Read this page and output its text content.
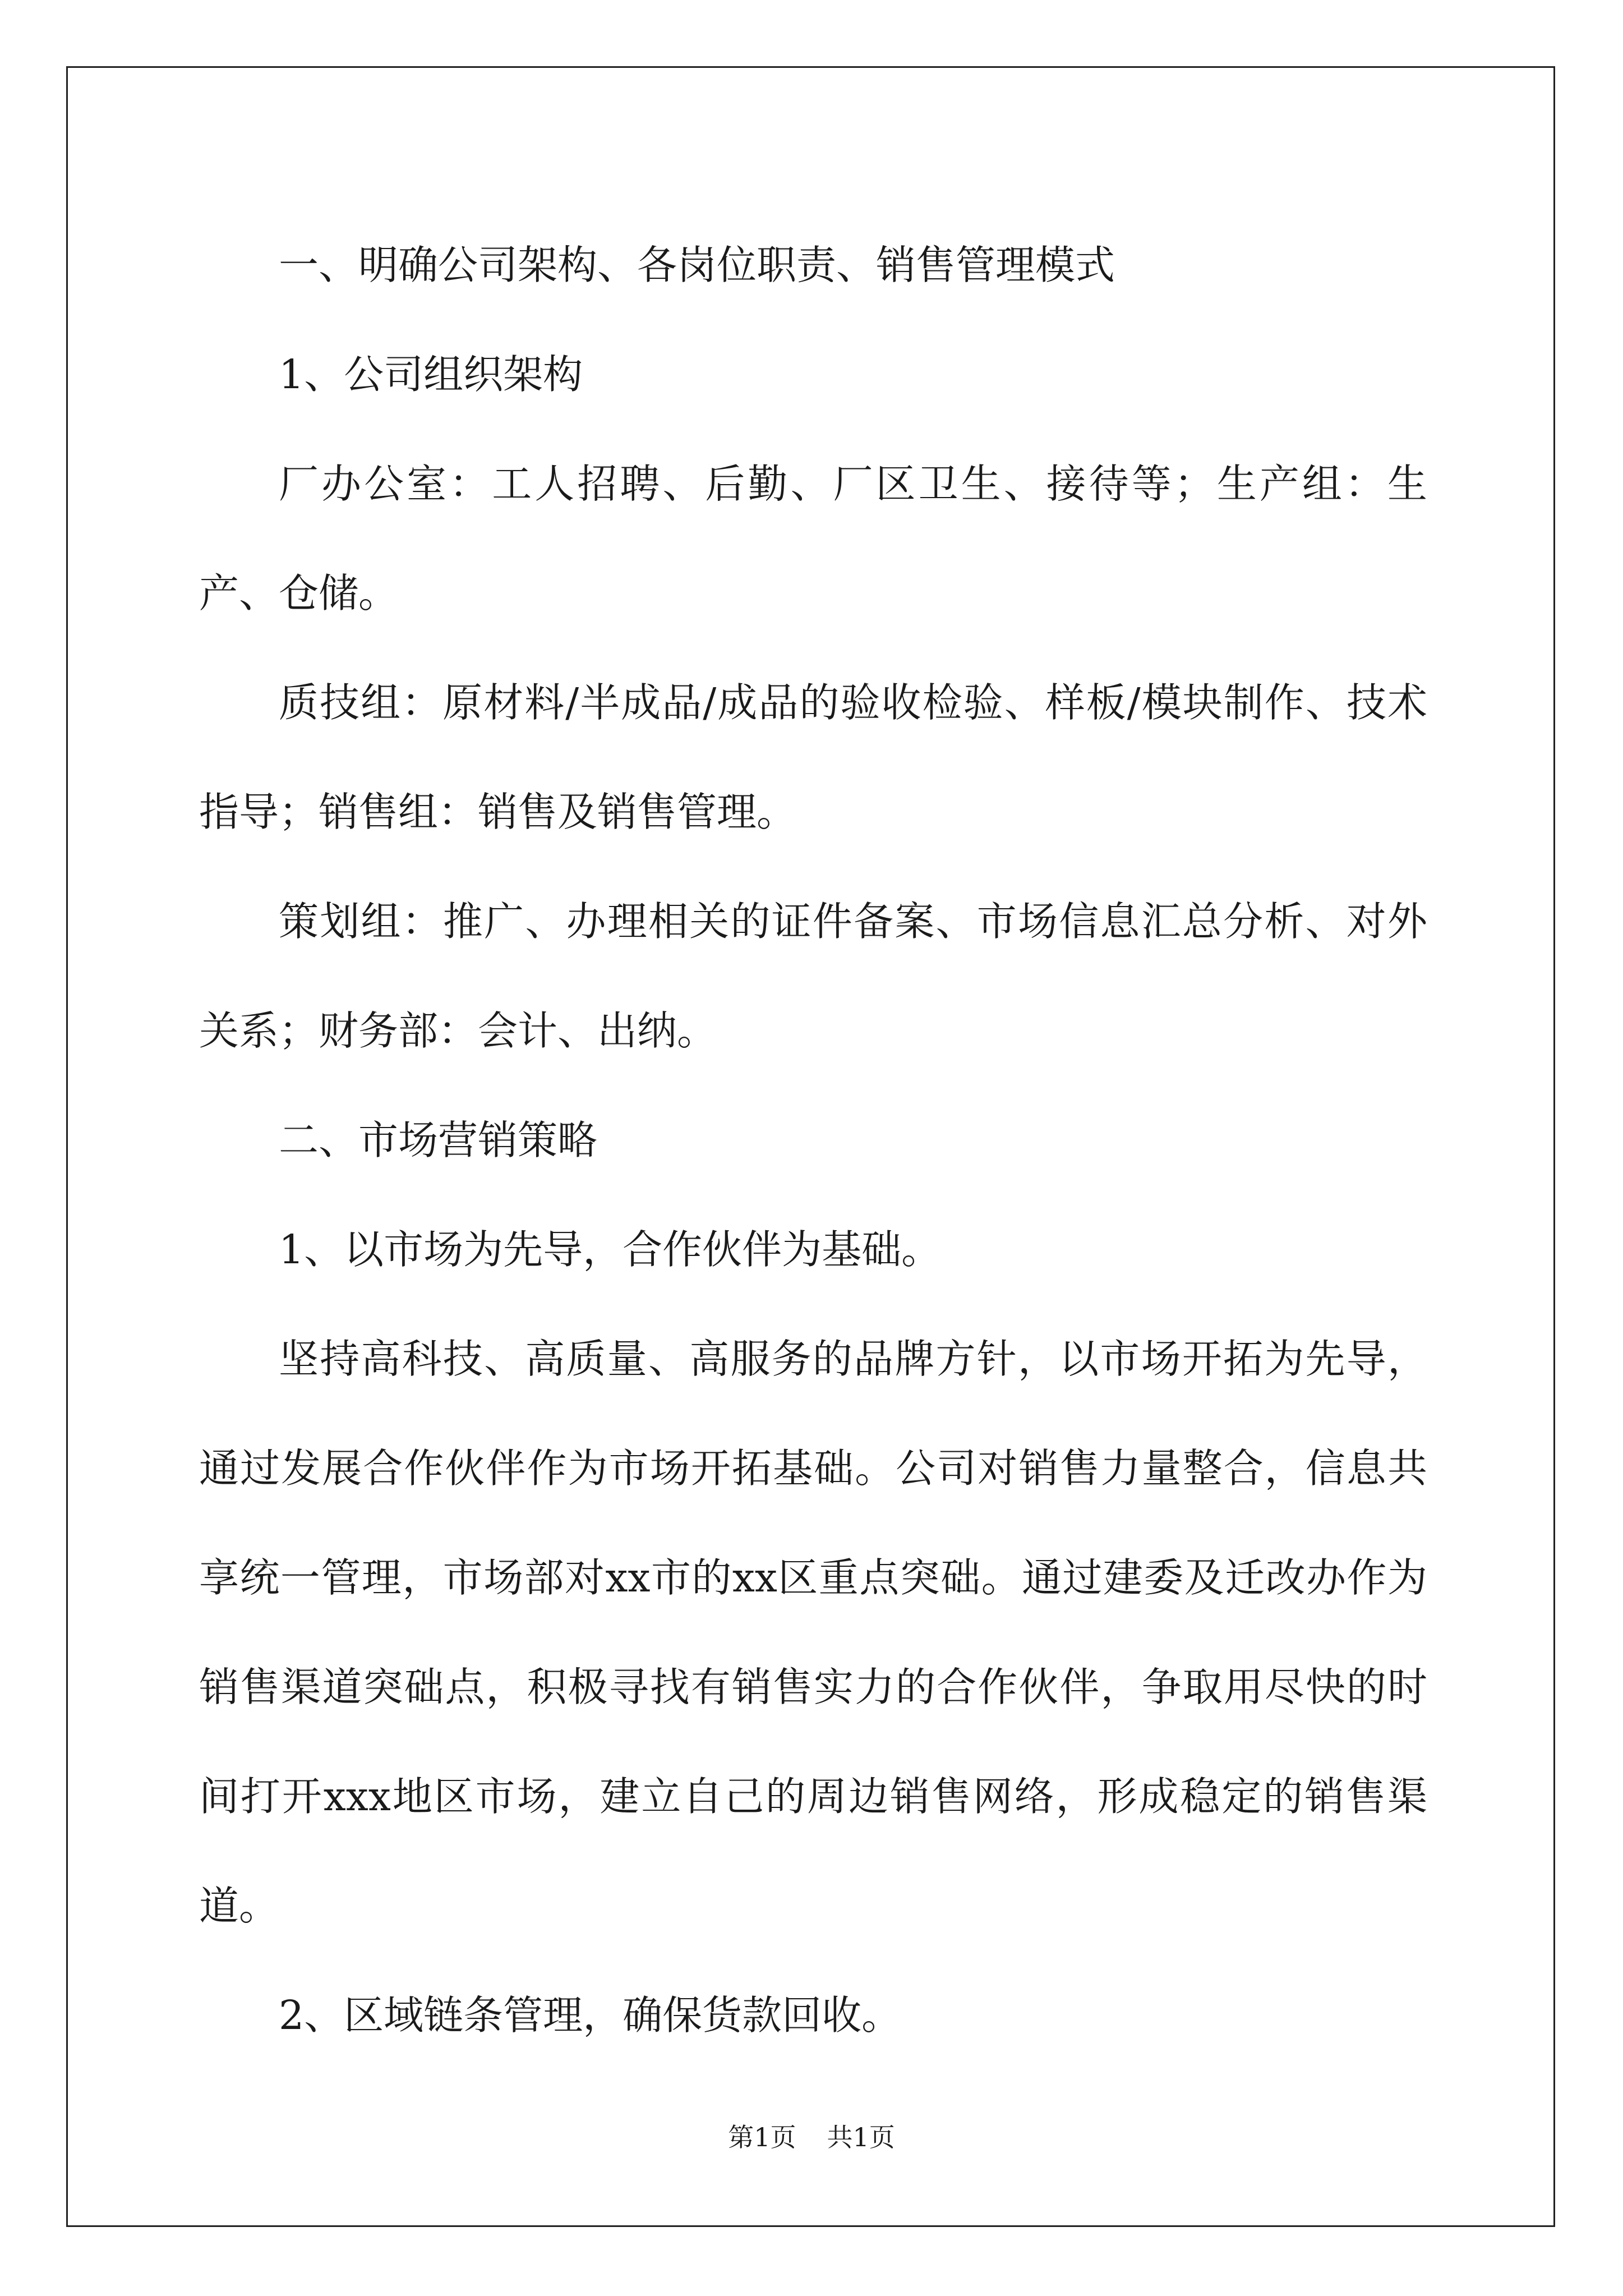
一、明确公司架构、各岗位职责、销售管理模式

1、公司组织架构

厂办公室：工人招聘、后勤、厂区卫生、接待等；生产组：生产、仓储。

质技组：原材料/半成品/成品的验收检验、样板/模块制作、技术指导；销售组：销售及销售管理。

策划组：推广、办理相关的证件备案、市场信息汇总分析、对外关系；财务部：会计、出纳。

二、市场营销策略

1、以市场为先导，合作伙伴为基础。

坚持高科技、高质量、高服务的品牌方针，以市场开拓为先导，通过发展合作伙伴作为市场开拓基础。公司对销售力量整合，信息共享统一管理，市场部对xx市的xx区重点突础。通过建委及迁改办作为销售渠道突础点，积极寻找有销售实力的合作伙伴，争取用尽快的时间打开xxx地区市场，建立自己的周边销售网络，形成稳定的销售渠道。

2、区域链条管理，确保货款回收。

第1页 共1页
